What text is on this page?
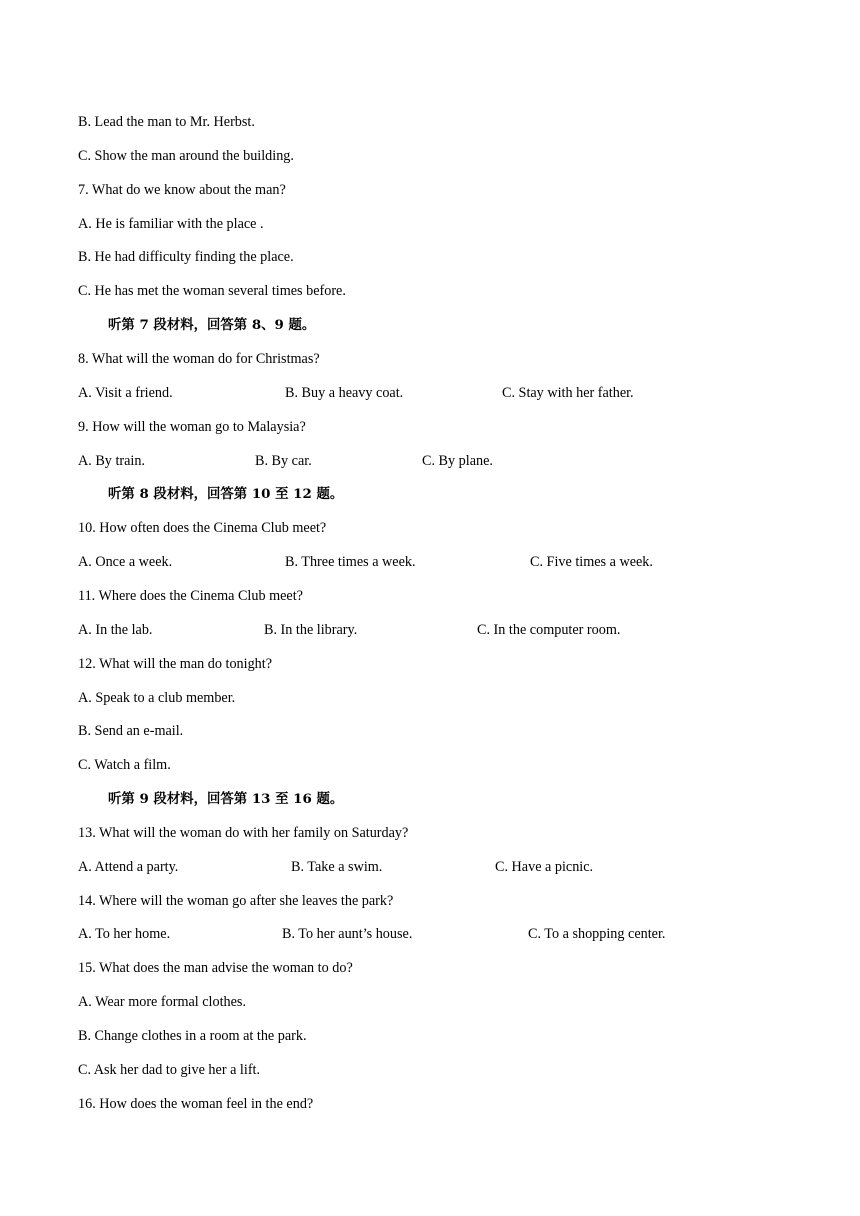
B. Lead the man to Mr. Herbst.
C. Show the man around the building.
7. What do we know about the man?
A. He is familiar with the place .
B. He had difficulty finding the place.
C. He has met the woman several times before.
听第 7 段材料，回答第 8、9 题。
8. What will the woman do for Christmas?
A. Visit a friend.	B. Buy a heavy coat.	C. Stay with her father.
9. How will the woman go to Malaysia?
A. By train.	B. By car.	C. By plane.
听第 8 段材料，回答第 10 至 12 题。
10. How often does the Cinema Club meet?
A. Once a week.	B. Three times a week.	C. Five times a week.
11. Where does the Cinema Club meet?
A. In the lab.	B. In the library.	C. In the computer room.
12. What will the man do tonight?
A. Speak to a club member.
B. Send an e-mail.
C. Watch a film.
听第 9 段材料，回答第 13 至 16 题。
13. What will the woman do with her family on Saturday?
A. Attend a party.	B. Take a swim.	C. Have a picnic.
14. Where will the woman go after she leaves the park?
A. To her home.	B. To her aunt’s house.	C. To a shopping center.
15. What does the man advise the woman to do?
A. Wear more formal clothes.
B. Change clothes in a room at the park.
C. Ask her dad to give her a lift.
16. How does the woman feel in the end?
